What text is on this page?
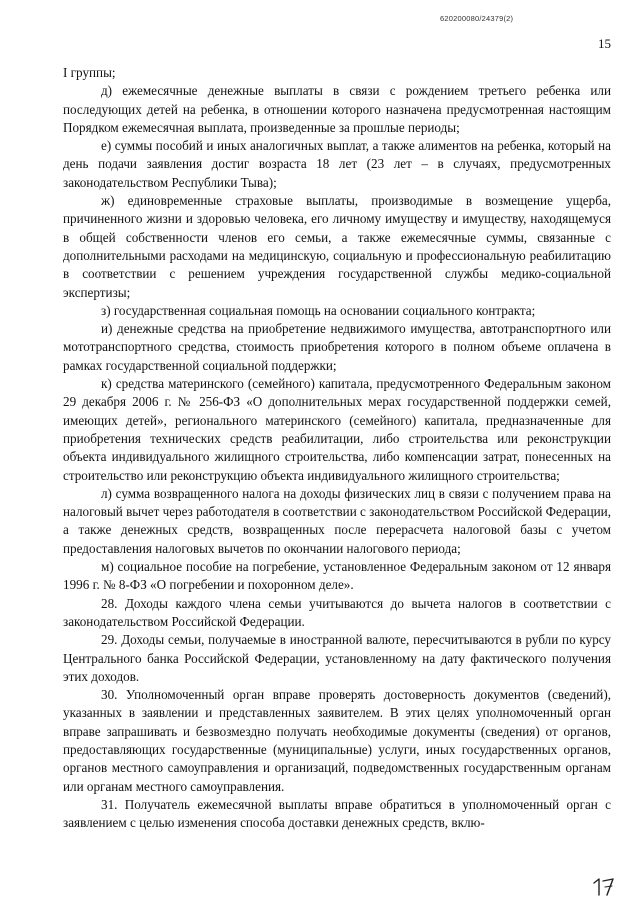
620200080/24379(2)
15

I группы;

д) ежемесячные денежные выплаты в связи с рождением третьего ребенка или последующих детей на ребенка, в отношении которого назначена предусмотренная настоящим Порядком ежемесячная выплата, произведенные за прошлые периоды;

е) суммы пособий и иных аналогичных выплат, а также алиментов на ребенка, который на день подачи заявления достиг возраста 18 лет (23 лет – в случаях, предусмотренных законодательством Республики Тыва);

ж) единовременные страховые выплаты, производимые в возмещение ущерба, причиненного жизни и здоровью человека, его личному имуществу и имуществу, находящемуся в общей собственности членов его семьи, а также ежемесячные суммы, связанные с дополнительными расходами на медицинскую, социальную и профессиональную реабилитацию в соответствии с решением учреждения государственной службы медико-социальной экспертизы;

з) государственная социальная помощь на основании социального контракта;

и) денежные средства на приобретение недвижимого имущества, автотранспортного или мототранспортного средства, стоимость приобретения которого в полном объеме оплачена в рамках государственной социальной поддержки;

к) средства материнского (семейного) капитала, предусмотренного Федеральным законом 29 декабря 2006 г. № 256-ФЗ «О дополнительных мерах государственной поддержки семей, имеющих детей», регионального материнского (семейного) капитала, предназначенные для приобретения технических средств реабилитации, либо строительства или реконструкции объекта индивидуального жилищного строительства, либо компенсации затрат, понесенных на строительство или реконструкцию объекта индивидуального жилищного строительства;

л) сумма возвращенного налога на доходы физических лиц в связи с получением права на налоговый вычет через работодателя в соответствии с законодательством Российской Федерации, а также денежных средств, возвращенных после перерасчета налоговой базы с учетом предоставления налоговых вычетов по окончании налогового периода;

м) социальное пособие на погребение, установленное Федеральным законом от 12 января 1996 г. № 8-ФЗ «О погребении и похоронном деле».

28. Доходы каждого члена семьи учитываются до вычета налогов в соответствии с законодательством Российской Федерации.

29. Доходы семьи, получаемые в иностранной валюте, пересчитываются в рубли по курсу Центрального банка Российской Федерации, установленному на дату фактического получения этих доходов.

30. Уполномоченный орган вправе проверять достоверность документов (сведений), указанных в заявлении и представленных заявителем. В этих целях уполномоченный орган вправе запрашивать и безвозмездно получать необходимые документы (сведения) от органов, предоставляющих государственные (муниципальные) услуги, иных государственных органов, органов местного самоуправления и организаций, подведомственных государственным органам или органам местного самоуправления.

31. Получатель ежемесячной выплаты вправе обратиться в уполномоченный орган с заявлением с целью изменения способа доставки денежных средств, вклю-
